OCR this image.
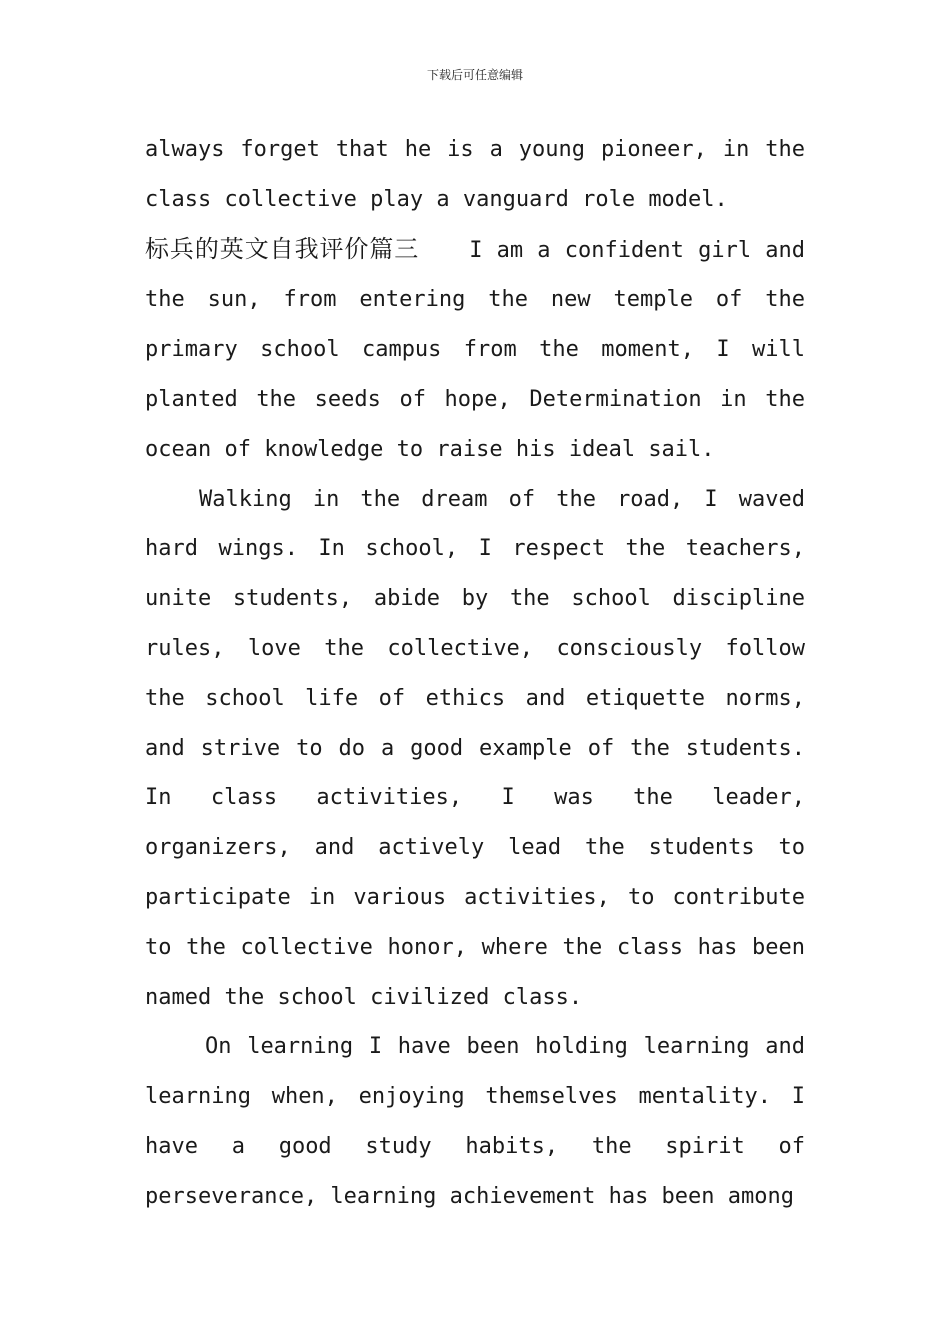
下载后可任意编辑

always forget that he is a young pioneer, in the class collective play a vanguard role model.

标兵的英文自我评价篇三 I am a confident girl and the sun, from entering the new temple of the primary school campus from the moment, I will planted the seeds of hope, Determination in the ocean of knowledge to raise his ideal sail.

Walking in the dream of the road, I waved hard wings. In school, I respect the teachers, unite students, abide by the school discipline rules, love the collective, consciously follow the school life of ethics and etiquette norms, and strive to do a good example of the students. In class activities, I was the leader, organizers, and actively lead the students to participate in various activities, to contribute to the collective honor, where the class has been named the school civilized class.

On learning I have been holding learning and learning when, enjoying themselves mentality. I have a good study habits, the spirit of perseverance, learning achievement has been among
